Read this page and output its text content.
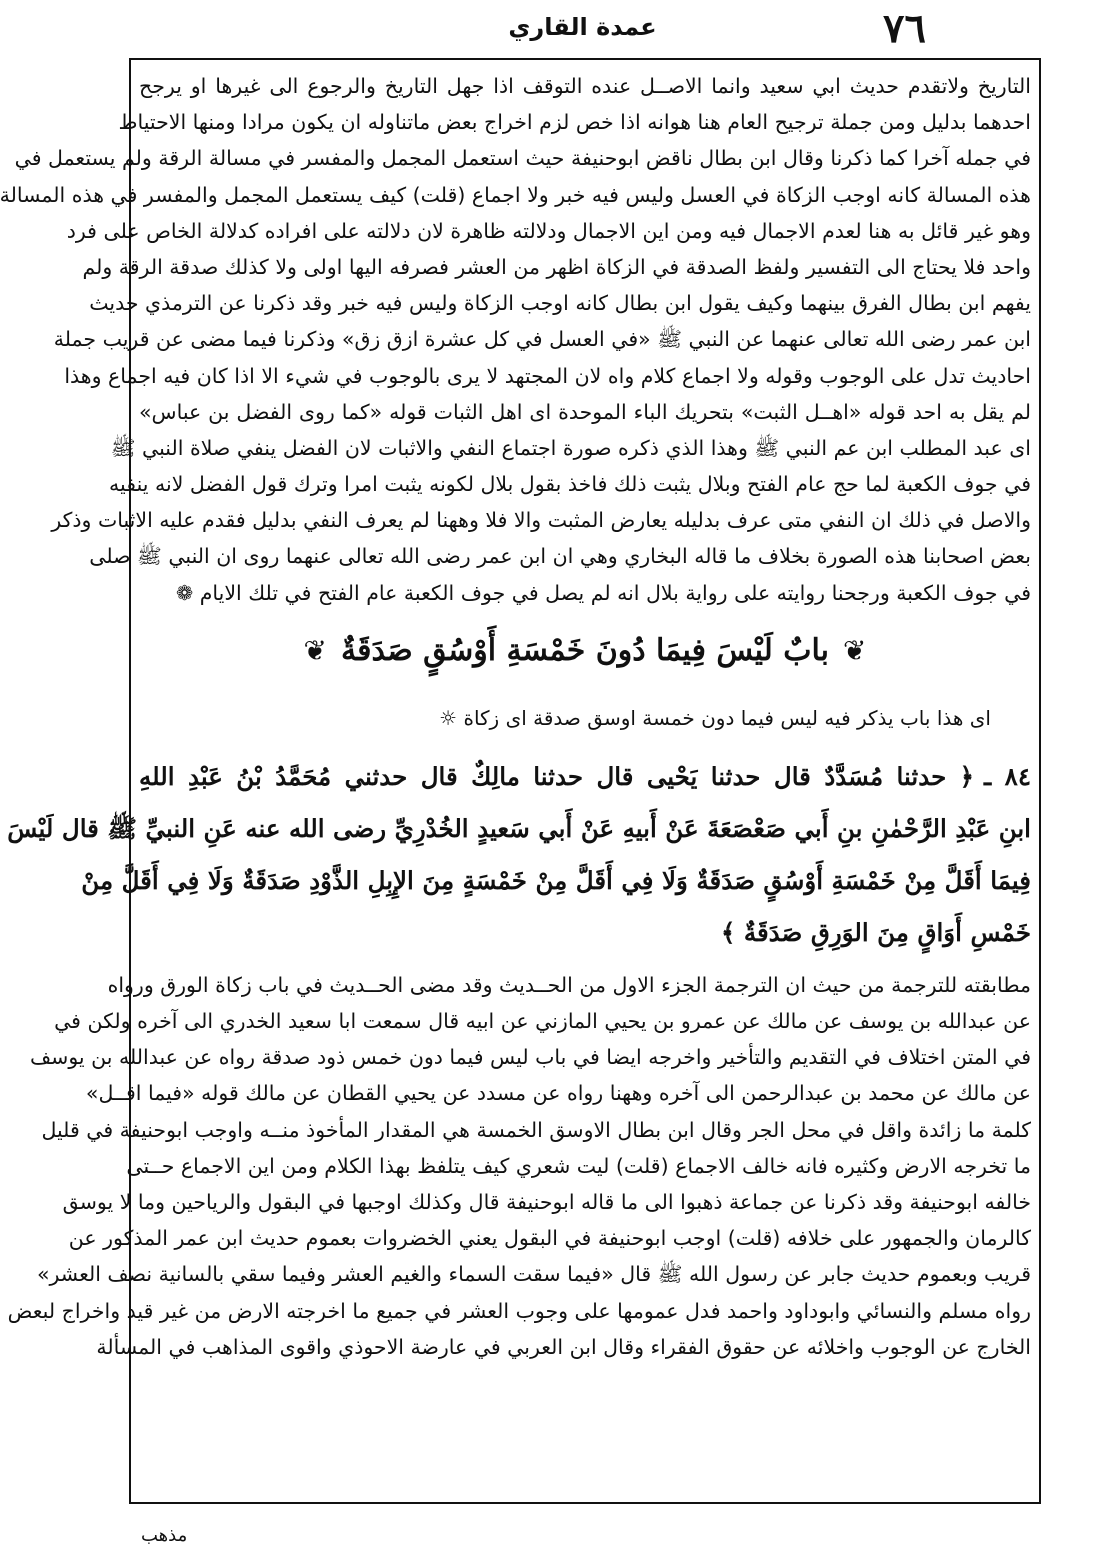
٧٦
عمدة القاري
التاريخ ولاتقدم حديث ابي سعيد وانما الاصــل عنده التوقف اذا جهل التاريخ والرجوع الى غيرها او يرجح
احدهما بدليل ومن جملة ترجيح العام هنا هوانه اذا خص لزم اخراج بعض ماتناوله ان يكون مرادا ومنها الاحتياط
في جمله آخرا كما ذكرنا وقال ابن بطال ناقض ابوحنيفة حيث استعمل المجمل والمفسر في مسالة الرقة ولم يستعمل في
هذه المسالة كانه اوجب الزكاة في العسل وليس فيه خبر ولا اجماع (قلت) كيف يستعمل المجمل والمفسر في هذه المسالة
وهو غير قائل به هنا لعدم الاجمال فيه ومن اين الاجمال ودلالته ظاهرة لان دلالته على افراده كدلالة الخاص على فرد
واحد فلا يحتاج الى التفسير ولفظ الصدقة في الزكاة اظهر من العشر فصرفه اليها اولى ولا كذلك صدقة الرقة ولم
يفهم ابن بطال الفرق بينهما وكيف يقول ابن بطال كانه اوجب الزكاة وليس فيه خبر وقد ذكرنا عن الترمذي حديث
ابن عمر رضى الله تعالى عنهما عن النبي ﷺ «في العسل في كل عشرة ازق زق» وذكرنا فيما مضى عن قريب جملة
احاديث تدل على الوجوب وقوله ولا اجماع كلام واه لان المجتهد لا يرى بالوجوب في شيء الا اذا كان فيه اجماع وهذا
لم يقل به احد قوله «اهــل الثبت» بتحريك الباء الموحدة اى اهل الثبات قوله «كما روى الفضل بن عباس»
اى عبد المطلب ابن عم النبي ﷺ وهذا الذي ذكره صورة اجتماع النفي والاثبات لان الفضل ينفي صلاة النبي ﷺ
في جوف الكعبة لما حج عام الفتح وبلال يثبت ذلك فاخذ بقول بلال لكونه يثبت امرا وترك قول الفضل لانه ينفيه
والاصل في ذلك ان النفي متى عرف بدليله يعارض المثبت والا فلا وههنا لم يعرف النفي بدليل فقدم عليه الاثبات وذكر
بعض اصحابنا هذه الصورة بخلاف ما قاله البخاري وهي ان ابن عمر رضى الله تعالى عنهما روى ان النبي ﷺ صلى
في جوف الكعبة ورجحنا روايته على رواية بلال انه لم يصل في جوف الكعبة عام الفتح في تلك الايام ❁
❦
بابٌ لَيْسَ فِيمَا دُونَ خَمْسَةِ أَوْسُقٍ صَدَقَةٌ
❦
اى هذا باب يذكر فيه ليس فيما دون خمسة اوسق صدقة اى زكاة ☼
٨٤ ـ﴿ حدثنا مُسَدَّدٌ قال حدثنا يَحْيى قال حدثنا مالِكٌ قال حدثني مُحَمَّدُ بْنُ عَبْدِ اللهِ
ابنِ عَبْدِ الرَّحْمٰنِ بنِ أَبي صَعْصَعَةَ عَنْ أَبيهِ عَنْ أَبي سَعيدٍ الخُدْرِيِّ رضى الله عنه عَنِ النبيِّ ﷺ قال لَيْسَ
فِيمَا أَقَلَّ مِنْ خَمْسَةِ أَوْسُقٍ صَدَقَةٌ وَلَا فِي أَقَلَّ مِنْ خَمْسَةٍ مِنَ الإِبِلِ الذَّوْدِ صَدَقَةٌ وَلَا فِي أَقَلَّ مِنْ
خَمْسِ أَوَاقٍ مِنَ الوَرِقِ صَدَقَةٌ ﴾
مطابقته للترجمة من حيث ان الترجمة الجزء الاول من الحــديث وقد مضى الحــديث في باب زكاة الورق ورواه
عن عبدالله بن يوسف عن مالك عن عمرو بن يحيي المازني عن ابيه قال سمعت ابا سعيد الخدري الى آخره ولكن في
في المتن اختلاف في التقديم والتأخير واخرجه ايضا في باب ليس فيما دون خمس ذود صدقة رواه عن عبدالله بن يوسف
عن مالك عن محمد بن عبدالرحمن الى آخره وههنا رواه عن مسدد عن يحيي القطان عن مالك قوله «فيما اقــل»
كلمة ما زائدة واقل في محل الجر وقال ابن بطال الاوسق الخمسة هي المقدار المأخوذ منــه واوجب ابوحنيفة في قليل
ما تخرجه الارض وكثيره فانه خالف الاجماع (قلت) ليت شعري كيف يتلفظ بهذا الكلام ومن اين الاجماع حــتى
خالفه ابوحنيفة وقد ذكرنا عن جماعة ذهبوا الى ما قاله ابوحنيفة قال وكذلك اوجبها في البقول والرياحين وما لا يوسق
كالرمان والجمهور على خلافه (قلت) اوجب ابوحنيفة في البقول يعني الخضروات بعموم حديث ابن عمر المذكور عن
قريب وبعموم حديث جابر عن رسول الله ﷺ قال «فيما سقت السماء والغيم العشر وفيما سقي بالسانية نصف العشر»
رواه مسلم والنسائي وابوداود واحمد فدل عمومها على وجوب العشر في جميع ما اخرجته الارض من غير قيد واخراج لبعض
الخارج عن الوجوب واخلائه عن حقوق الفقراء وقال ابن العربي في عارضة الاحوذي واقوى المذاهب في المسألة
مذهب
